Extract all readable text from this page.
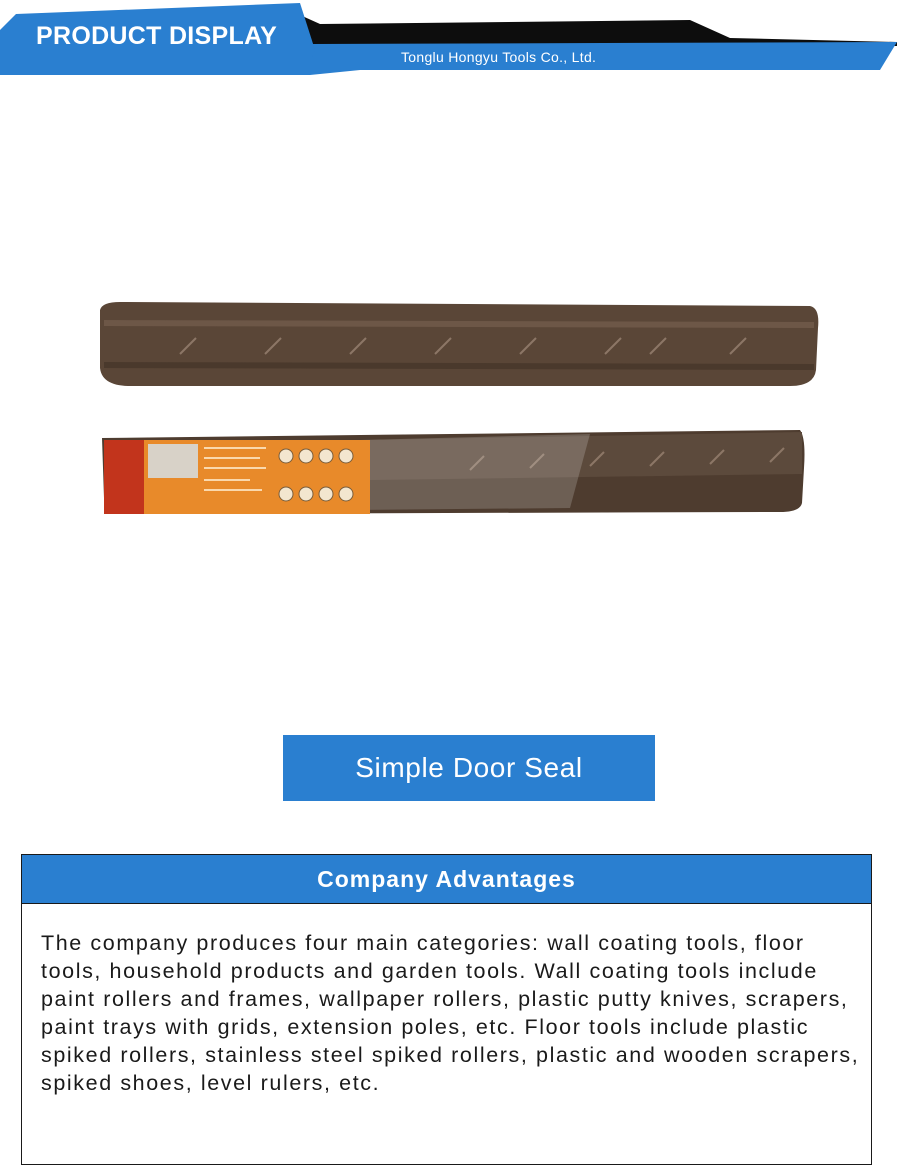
PRODUCT DISPLAY
Tonglu Hongyu Tools Co., Ltd.
Simple Door Seal
Company Advantages
The company produces four main categories: wall coating tools, floor tools, household products and garden tools. Wall coating tools include paint rollers and frames, wallpaper rollers, plastic putty knives, scrapers, paint trays with grids, extension poles, etc. Floor tools include plastic spiked rollers, stainless steel spiked rollers, plastic and wooden scrapers, spiked shoes, level rulers, etc.
